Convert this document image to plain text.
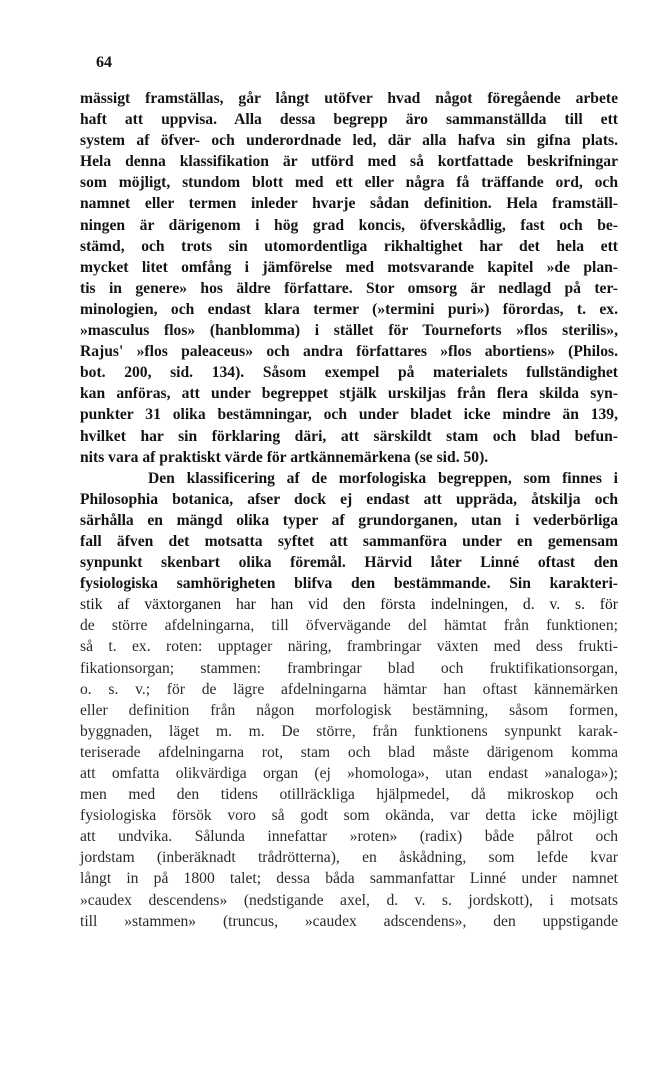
64
mässigt framställas, går långt utöfver hvad något föregående arbete
haft att uppvisa. Alla dessa begrepp äro sammanställda till ett
system af öfver- och underordnade led, där alla hafva sin gifna plats.
Hela denna klassifikation är utförd med så kortfattade beskrifningar
som möjligt, stundom blott med ett eller några få träffande ord, och
namnet eller termen inleder hvarje sådan definition. Hela framställ-
ningen är därigenom i hög grad koncis, öfverskådlig, fast och be-
stämd, och trots sin utomordentliga rikhaltighet har det hela ett
mycket litet omfång i jämförelse med motsvarande kapitel »de plan-
tis in genere» hos äldre författare. Stor omsorg är nedlagd på ter-
minologien, och endast klara termer (»termini puri») förordas, t. ex.
»masculus flos» (hanblomma) i stället för Tourneforts »flos sterilis»,
Rajus' »flos paleaceus» och andra författares »flos abortiens» (Philos.
bot. 200, sid. 134). Såsom exempel på materialets fullständighet
kan anföras, att under begreppet stjälk urskiljas från flera skilda syn-
punkter 31 olika bestämningar, och under bladet icke mindre än 139,
hvilket har sin förklaring däri, att särskildt stam och blad befun-
nits vara af praktiskt värde för artkännemärkena (se sid. 50).
Den klassificering af de morfologiska begreppen, som finnes i
Philosophia botanica, afser dock ej endast att uppräda, åtskilja och
särhålla en mängd olika typer af grundorganen, utan i vederbörliga
fall äfven det motsatta syftet att sammanföra under en gemensam
synpunkt skenbart olika föremål. Härvid låter Linné oftast den
fysiologiska samhörigheten blifva den bestämmande. Sin karakteri-
stik af växtorganen har han vid den första indelningen, d. v. s. för
de större afdelningarna, till öfvervägande del hämtat från funktionen;
så t. ex. roten: upptager näring, frambringar växten med dess frukti-
fikationsorgan; stammen: frambringar blad och fruktifikationsorgan,
o. s. v.; för de lägre afdelningarna hämtar han oftast kännemärken
eller definition från någon morfologisk bestämning, såsom formen,
byggnaden, läget m. m. De större, från funktionens synpunkt karak-
teriserade afdelningarna rot, stam och blad måste därigenom komma
att omfatta olikvärdiga organ (ej »homologa», utan endast »analoga»);
men med den tidens otillräckliga hjälpmedel, då mikroskop och
fysiologiska försök voro så godt som okända, var detta icke möjligt
att undvika. Sålunda innefattar »roten» (radix) både pålrot och
jordstam (inberäknadt trådrötterna), en åskådning, som lefde kvar
långt in på 1800 talet; dessa båda sammanfattar Linné under namnet
»caudex descendens» (nedstigande axel, d. v. s. jordskott), i motsats
till »stammen» (truncus, »caudex adscendens», den uppstigande
